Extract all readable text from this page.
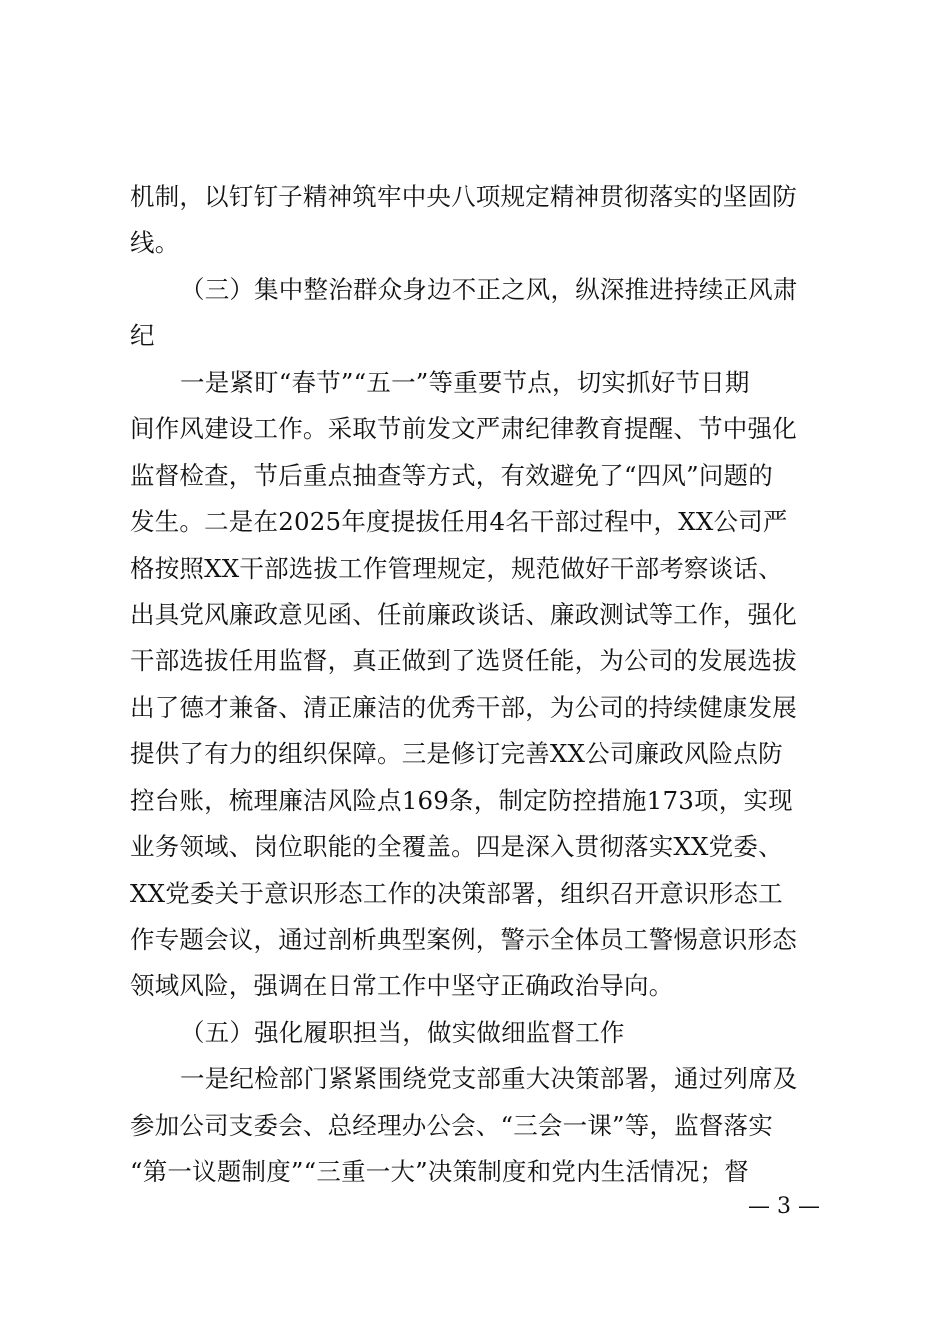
机制，以钉钉子精神筑牢中央八项规定精神贯彻落实的坚固防
线。
（三）集中整治群众身边不正之风，纵深推进持续正风肃
纪
一是紧盯“春节”“五一”等重要节点，切实抓好节日期
间作风建设工作。采取节前发文严肃纪律教育提醒、节中强化
监督检查，节后重点抽查等方式，有效避免了“四风”问题的
发生。二是在2025年度提拔任用4名干部过程中，XX公司严
格按照XX干部选拔工作管理规定，规范做好干部考察谈话、
出具党风廉政意见函、任前廉政谈话、廉政测试等工作，强化
干部选拔任用监督，真正做到了选贤任能，为公司的发展选拔
出了德才兼备、清正廉洁的优秀干部，为公司的持续健康发展
提供了有力的组织保障。三是修订完善XX公司廉政风险点防
控台账，梳理廉洁风险点169条，制定防控措施173项，实现
业务领域、岗位职能的全覆盖。四是深入贯彻落实XX党委、
XX党委关于意识形态工作的决策部署，组织召开意识形态工
作专题会议，通过剖析典型案例，警示全体员工警惕意识形态
领域风险，强调在日常工作中坚守正确政治导向。
（五）强化履职担当，做实做细监督工作
一是纪检部门紧紧围绕党支部重大决策部署，通过列席及
参加公司支委会、总经理办公会、“三会一课”等，监督落实
“第一议题制度”“三重一大”决策制度和党内生活情况；督
— 3 —
